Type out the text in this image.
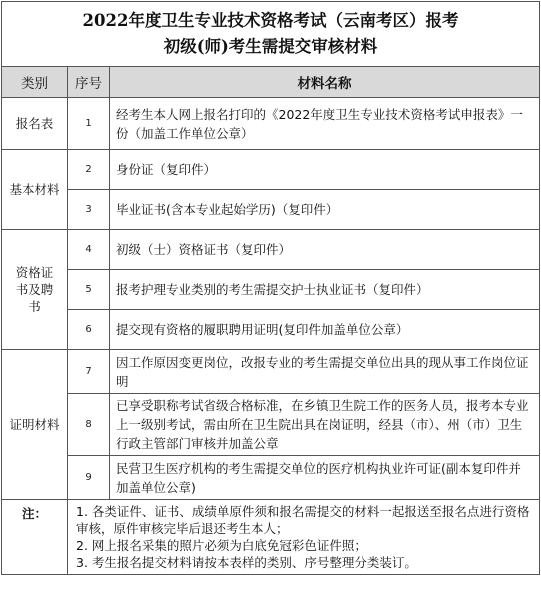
2022年度卫生专业技术资格考试（云南考区）报考
初级(师)考生需提交审核材料		

类别	序号	材料名称
报名表	1	经考生本人网上报名打印的《2022年度卫生专业技术资格考试申报表》一份（加盖工作单位公章）
基本材料	2	身份证（复印件）
	3	毕业证书(含本专业起始学历)（复印件）

资格证书及聘书	4	初级（士）资格证书（复印件）
	5	报考护理专业类别的考生需提交护士执业证书（复印件）
	6	提交现有资格的履职聘用证明(复印件加盖单位公章）
证明材料	7	因工作原因变更岗位，改报专业的考生需提交单位出具的现从事工作岗位证明
	8	已享受职称考试省级合格标准，在乡镇卫生院工作的医务人员，报考本专业上一级别考试，需由所在卫生院出具在岗证明，经县（市）、州（市）卫生行政主管部门审核并加盖公章
	9	民营卫生医疗机构的考生需提交单位的医疗机构执业许可证(副本复印件并加盖单位公章)
注：	1. 各类证件、证书、成绩单原件须和报名需提交的材料一起报送至报名点进行资格审核，原件审核完毕后退还考生本人；
2. 网上报名采集的照片必须为白底免冠彩色证件照；
3. 考生报名提交材料请按本表样的类别、序号整理分类装订。	
